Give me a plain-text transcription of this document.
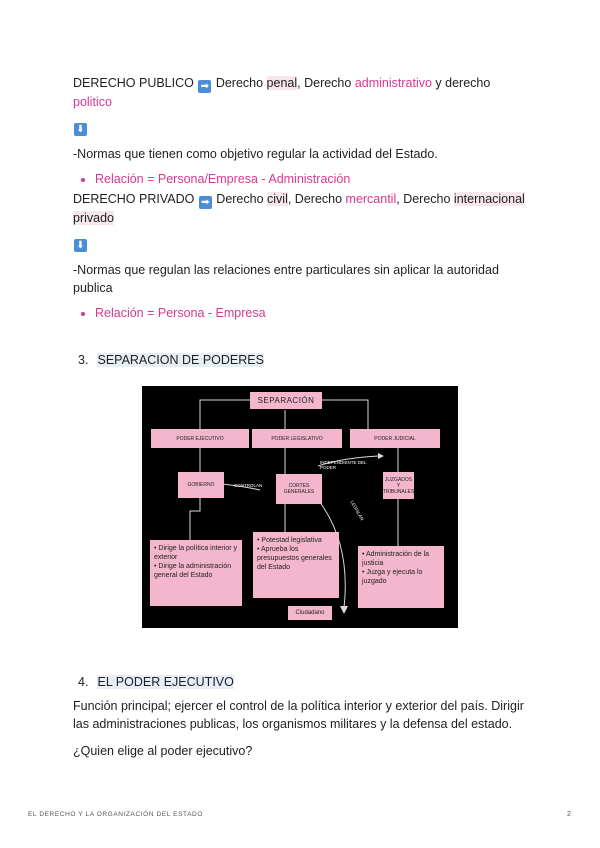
DERECHO PUBLICO ➡ Derecho penal, Derecho administrativo y derecho
politico

⬇

-Normas que tienen como objetivo regular la actividad del Estado.

• Relación = Persona/Empresa - Administración

DERECHO PRIVADO ➡ Derecho civil, Derecho mercantil, Derecho internacional
privado

⬇

-Normas que regulan las relaciones entre particulares sin aplicar la autoridad publica

• Relación = Persona - Empresa
3. SEPARACION DE PODERES
SEPARACIÓN
PODER EJECUTIVO	PODER LEGISLATIVO	PODER JUDICIAL
GOBIERNO	CORTES GENERALES
JUZGADOS Y TRIBUNALES
CONTROLAN
INDEPENDIENTE DEL PODER
LEGISLAN
• Dirige la política interior y exterior
• Dirige la administración general del Estado
• Potestad legislativa
• Aprueba los presupuestos generales del Estado
• Administración de la justicia
• Juzga y ejecuta lo juzgado
Ciudadano
4. EL PODER EJECUTIVO

Función principal; ejercer el control de la política interior y exterior del país. Dirigir las administraciones publicas, los organismos militares y la defensa del estado.

¿Quien elige al poder ejecutivo?

EL DERECHO Y LA ORGANIZACIÓN DEL ESTADO	2
